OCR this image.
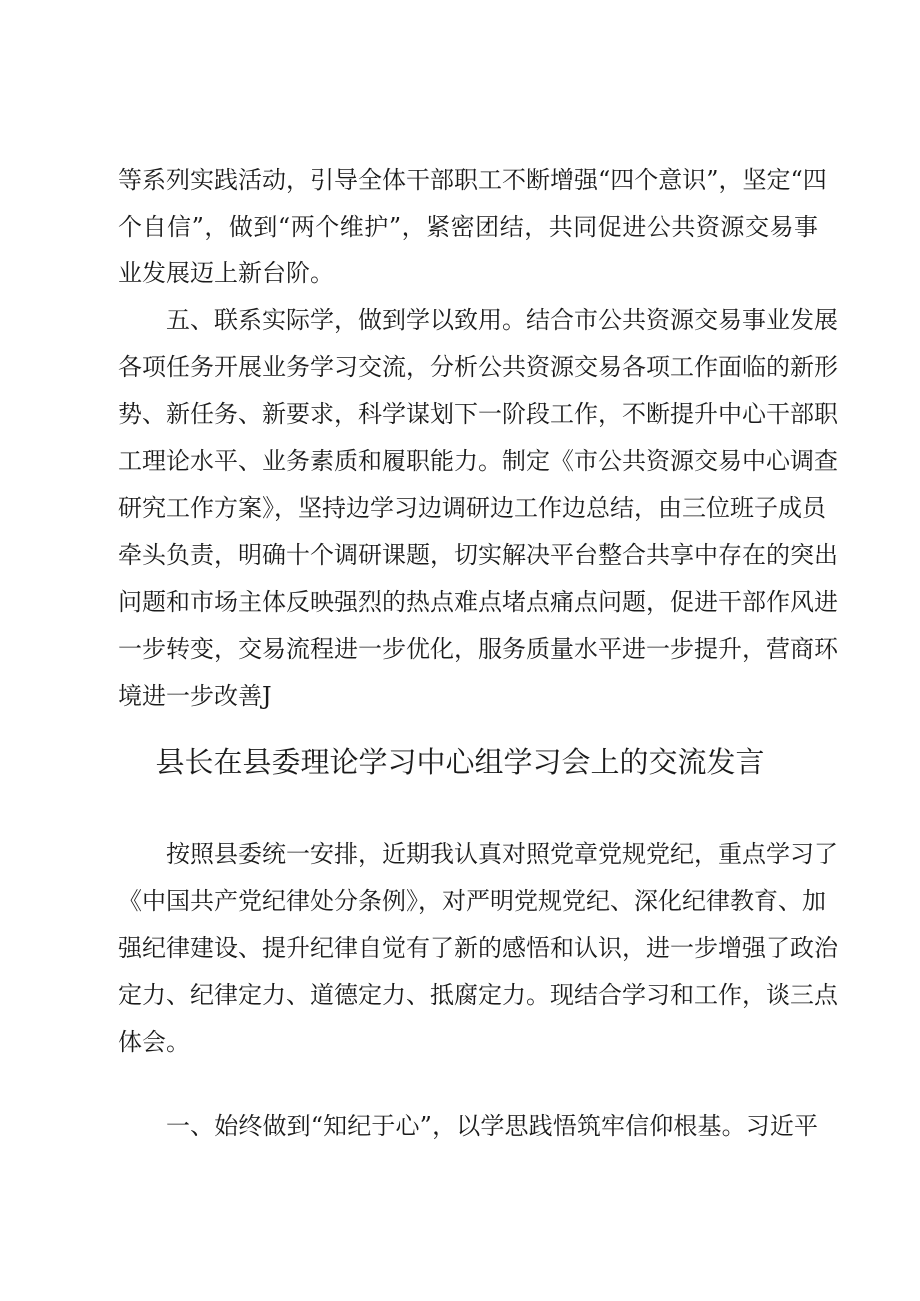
等系列实践活动，引导全体干部职工不断增强“四个意识”，坚定“四
个自信”，做到“两个维护”，紧密团结，共同促进公共资源交易事
业发展迈上新台阶。
五、联系实际学，做到学以致用。结合市公共资源交易事业发展
各项任务开展业务学习交流，分析公共资源交易各项工作面临的新形
势、新任务、新要求，科学谋划下一阶段工作，不断提升中心干部职
工理论水平、业务素质和履职能力。制定《市公共资源交易中心调查
研究工作方案》，坚持边学习边调研边工作边总结，由三位班子成员
牵头负责，明确十个调研课题，切实解决平台整合共享中存在的突出
问题和市场主体反映强烈的热点难点堵点痛点问题，促进干部作风进
一步转变，交易流程进一步优化，服务质量水平进一步提升，营商环
境进一步改善J
县长在县委理论学习中心组学习会上的交流发言
按照县委统一安排，近期我认真对照党章党规党纪，重点学习了
《中国共产党纪律处分条例》，对严明党规党纪、深化纪律教育、加
强纪律建设、提升纪律自觉有了新的感悟和认识，进一步增强了政治
定力、纪律定力、道德定力、抵腐定力。现结合学习和工作，谈三点
体会。
一、始终做到“知纪于心”，以学思践悟筑牢信仰根基。习近平
